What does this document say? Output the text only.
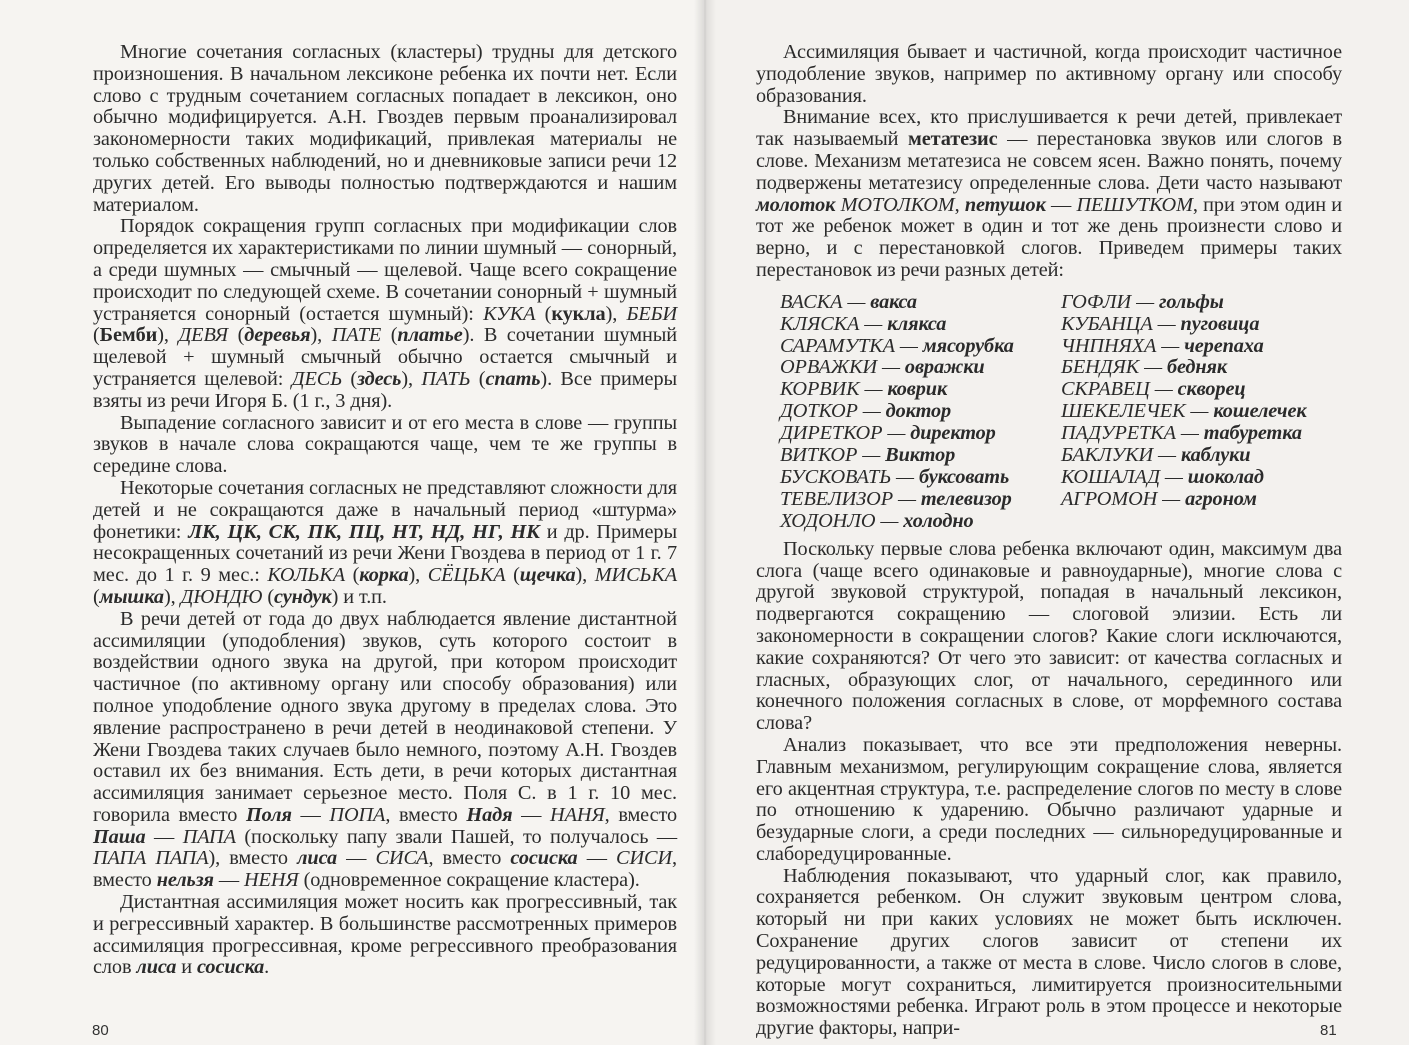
Многие сочетания согласных (кластеры) трудны для детского произношения. В начальном лексиконе ребенка их почти нет. Если слово с трудным сочетанием согласных попадает в лексикон, оно обычно модифицируется. А.Н. Гвоздев первым проанализировал закономерности таких модификаций, привлекая материалы не только собственных наблюдений, но и дневниковые записи речи 12 других детей. Его выводы полностью подтверждаются и нашим материалом.

Порядок сокращения групп согласных при модификации слов определяется их характеристиками по линии шумный — сонорный, а среди шумных — смычный — щелевой. Чаще всего сокращение происходит по следующей схеме. В сочетании сонорный + шумный устраняется сонорный (остается шумный): КУКА (кукла), БЕБИ (Бемби), ДЕВЯ (деревья), ПАТЕ (платье). В сочетании шумный щелевой + шумный смычный обычно остается смычный и устраняется щелевой: ДЕСЬ (здесь), ПАТЬ (спать). Все примеры взяты из речи Игоря Б. (1 г., 3 дня).

Выпадение согласного зависит и от его места в слове — группы звуков в начале слова сокращаются чаще, чем те же группы в середине слова.

Некоторые сочетания согласных не представляют сложности для детей и не сокращаются даже в начальный период «штурма» фонетики: ЛК, ЦК, СК, ПК, ПЦ, НТ, НД, НГ, НК и др. Примеры несокращенных сочетаний из речи Жени Гвоздева в период от 1 г. 7 мес. до 1 г. 9 мес.: КОЛЬКА (корка), СЁЦЬКА (щечка), МИСЬКА (мышка), ДЮНДЮ (сундук) и т.п.

В речи детей от года до двух наблюдается явление дистантной ассимиляции (уподобления) звуков, суть которого состоит в воздействии одного звука на другой, при котором происходит частичное (по активному органу или способу образования) или полное уподобление одного звука другому в пределах слова. Это явление распространено в речи детей в неодинаковой степени. У Жени Гвоздева таких случаев было немного, поэтому А.Н. Гвоздев оставил их без внимания. Есть дети, в речи которых дистантная ассимиляция занимает серьезное место. Поля С. в 1 г. 10 мес. говорила вместо Поля — ПОПА, вместо Надя — НАНЯ, вместо Паша — ПАПА (поскольку папу звали Пашей, то получалось — ПАПА ПАПА), вместо лиса — СИСА, вместо сосиска — СИСИ, вместо нельзя — НЕНЯ (одновременное сокращение кластера).

Дистантная ассимиляция может носить как прогрессивный, так и регрессивный характер. В большинстве рассмотренных примеров ассимиляция прогрессивная, кроме регрессивного преобразования слов лиса и сосиска.

80

Ассимиляция бывает и частичной, когда происходит частичное уподобление звуков, например по активному органу или способу образования.

Внимание всех, кто прислушивается к речи детей, привлекает так называемый метатезис — перестановка звуков или слогов в слове. Механизм метатезиса не совсем ясен. Важно понять, почему подвержены метатезису определенные слова. Дети часто называют молоток МОТОЛКОМ, петушок — ПЕШУТКОМ, при этом один и тот же ребенок может в один и тот же день произнести слово и верно, и с перестановкой слогов. Приведем примеры таких перестановок из речи разных детей:

ВАСКА — вакса
КЛЯСКА — клякса
САРАМУТКА — мясорубка
ОРВАЖКИ — овражки
КОРВИК — коврик
ДОТКОР — доктор
ДИРЕТКОР — директор
ВИТКОР — Виктор
БУСКОВАТЬ — буксовать
ТЕВЕЛИЗОР — телевизор
ХОДОНЛО — холодно
ГОФЛИ — гольфы
КУБАНЦА — пуговица
ЧНПНЯХА — черепаха
БЕНДЯК — бедняк
СКРАВЕЦ — скворец
ШЕКЕЛЕЧЕК — кошелечек
ПАДУРЕТКА — табуретка
БАКЛУКИ — каблуки
КОШАЛАД — шоколад
АГРОМОН — агроном

Поскольку первые слова ребенка включают один, максимум два слога (чаще всего одинаковые и равноударные), многие слова с другой звуковой структурой, попадая в начальный лексикон, подвергаются сокращению — слоговой элизии. Есть ли закономерности в сокращении слогов? Какие слоги исключаются, какие сохраняются? От чего это зависит: от качества согласных и гласных, образующих слог, от начального, серединного или конечного положения согласных в слове, от морфемного состава слова?

Анализ показывает, что все эти предположения неверны. Главным механизмом, регулирующим сокращение слова, является его акцентная структура, т.е. распределение слогов по месту в слове по отношению к ударению. Обычно различают ударные и безударные слоги, а среди последних — сильноредуцированные и слаборедуцированные.

Наблюдения показывают, что ударный слог, как правило, сохраняется ребенком. Он служит звуковым центром слова, который ни при каких условиях не может быть исключен. Сохранение других слогов зависит от степени их редуцированности, а также от места в слове. Число слогов в слове, которые могут сохраниться, лимитируется произносительными возможностями ребенка. Играют роль в этом процессе и некоторые другие факторы, напри-	81
